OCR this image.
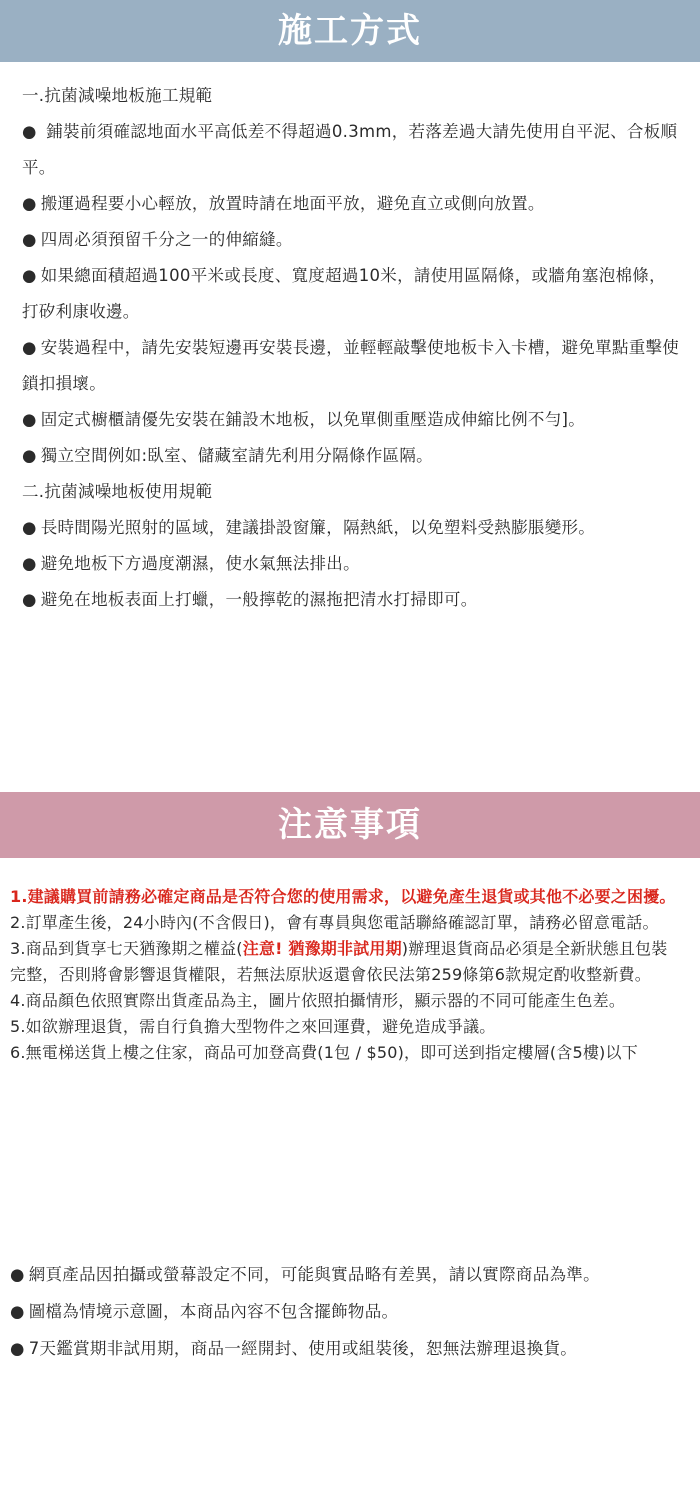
施工方式
一.抗菌減噪地板施工規範
● 鋪裝前須確認地面水平高低差不得超過0.3mm，若落差過大請先使用自平泥、合板順平。
● 搬運過程要小心輕放，放置時請在地面平放，避免直立或側向放置。
● 四周必須預留千分之一的伸縮縫。
● 如果總面積超過100平米或長度、寬度超過10米，請使用區隔條，或牆角塞泡棉條，打矽利康收邊。
● 安裝過程中，請先安裝短邊再安裝長邊，並輕輕敲擊使地板卡入卡槽，避免單點重擊使鎖扣損壞。
● 固定式櫥櫃請優先安裝在鋪設木地板，以免單側重壓造成伸縮比例不勻]。
● 獨立空間例如:臥室、儲藏室請先利用分隔條作區隔。
二.抗菌減噪地板使用規範
● 長時間陽光照射的區域，建議掛設窗簾，隔熱紙，以免塑料受熱膨脹變形。
● 避免地板下方過度潮濕，使水氣無法排出。
● 避免在地板表面上打蠟，一般擰乾的濕拖把清水打掃即可。
注意事項
1.建議購買前請務必確定商品是否符合您的使用需求，以避免產生退貨或其他不必要之困擾。
2.訂單產生後，24小時內(不含假日)，會有專員與您電話聯絡確認訂單，請務必留意電話。
3.商品到貨享七天猶豫期之權益(注意! 猶豫期非試用期)辦理退貨商品必須是全新狀態且包裝完整，否則將會影響退貨權限，若無法原狀返還會依民法第259條第6款規定酌收整新費。
4.商品顏色依照實際出貨產品為主，圖片依照拍攝情形，顯示器的不同可能產生色差。
5.如欲辦理退貨，需自行負擔大型物件之來回運費，避免造成爭議。
6.無電梯送貨上樓之住家，商品可加登高費(1包 / $50)，即可送到指定樓層(含5樓)以下
● 網頁產品因拍攝或螢幕設定不同，可能與實品略有差異，請以實際商品為準。
● 圖檔為情境示意圖，本商品內容不包含擺飾物品。
● 7天鑑賞期非試用期，商品一經開封、使用或組裝後，恕無法辦理退換貨。
